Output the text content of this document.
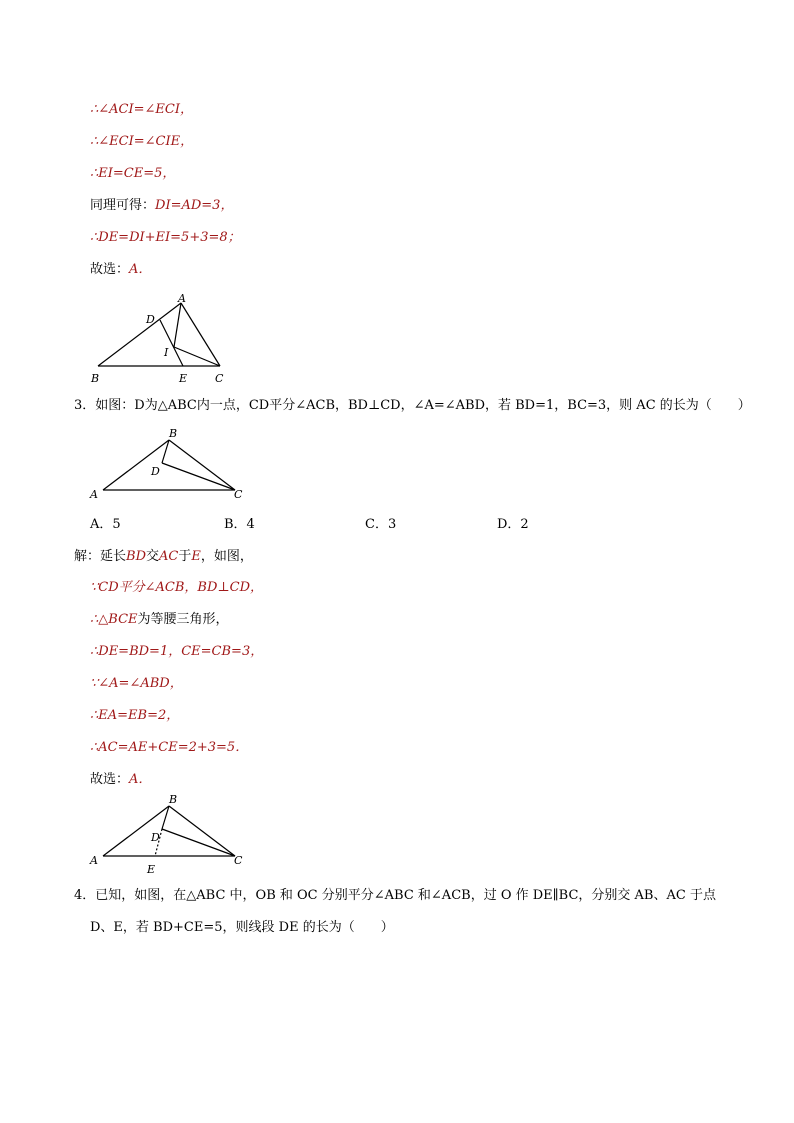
∴∠ACI=∠ECI，
∴∠ECI=∠CIE，
∴EI=CE=5，
同理可得：DI=AD=3，
∴DE=DI+EI=5+3=8；
故选：A．
A
D
I
B	E	C
3．如图：D为△ABC内一点，CD平分∠ACB，BD⊥CD，∠A=∠ABD，若 BD=1，BC=3，则 AC 的长为（　　）
B
D
A	C
A．5	B．4	C．3	D．2
解：延长BD交AC于E，如图，
∵CD平分∠ACB，BD⊥CD，
∴△BCE为等腰三角形，
∴DE=BD=1，CE=CB=3，
∵∠A=∠ABD，
∴EA=EB=2，
∴AC=AE+CE=2+3=5．
故选：A．
B
D
A
E
C
4．已知，如图，在△ABC 中，OB 和 OC 分别平分∠ABC 和∠ACB，过 O 作 DE∥BC，分别交 AB、AC 于点
D、E，若 BD+CE=5，则线段 DE 的长为（　　）
